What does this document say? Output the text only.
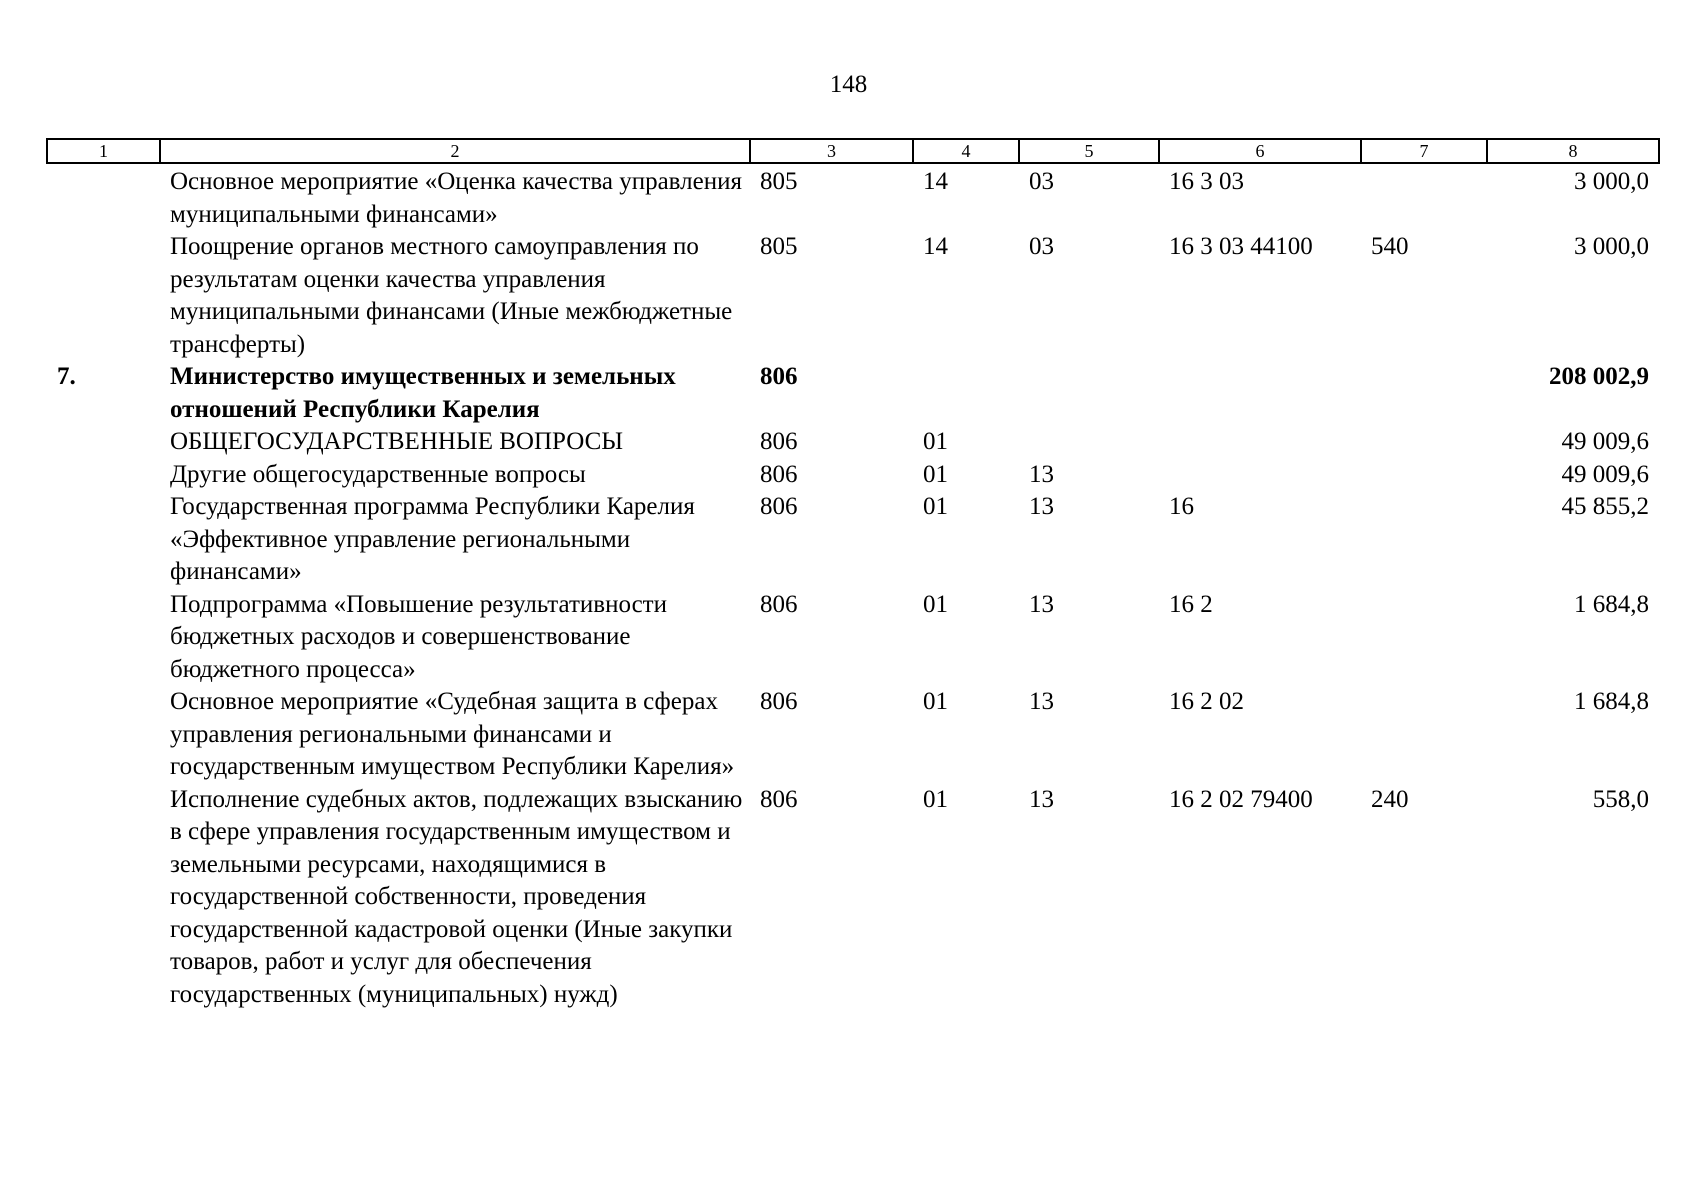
148
1	2	3	4	5	6	7	8
	Основное мероприятие «Оценка качества управления муниципальными финансами»	805	14	03	16 3 03		3 000,0
	Поощрение органов местного самоуправления по результатам оценки качества управления муниципальными финансами (Иные межбюджетные трансферты)	805	14	03	16 3 03 44100	540	3 000,0
7.	Министерство имущественных и земельных отношений Республики Карелия	806					208 002,9
	ОБЩЕГОСУДАРСТВЕННЫЕ ВОПРОСЫ	806	01				49 009,6
	Другие общегосударственные вопросы	806	01	13			49 009,6
	Государственная программа Республики Карелия «Эффективное управление региональными финансами»	806	01	13	16		45 855,2
	Подпрограмма «Повышение результативности бюджетных расходов и совершенствование бюджетного процесса»	806	01	13	16 2		1 684,8
	Основное мероприятие «Судебная защита в сферах управления региональными финансами и государственным имуществом Республики Карелия»	806	01	13	16 2 02		1 684,8
	Исполнение судебных актов, подлежащих взысканию в сфере управления государственным имуществом и земельными ресурсами, находящимися в государственной собственности, проведения государственной кадастровой оценки (Иные закупки товаров, работ и услуг для обеспечения государственных (муниципальных) нужд)	806	01	13	16 2 02 79400	240	558,0
